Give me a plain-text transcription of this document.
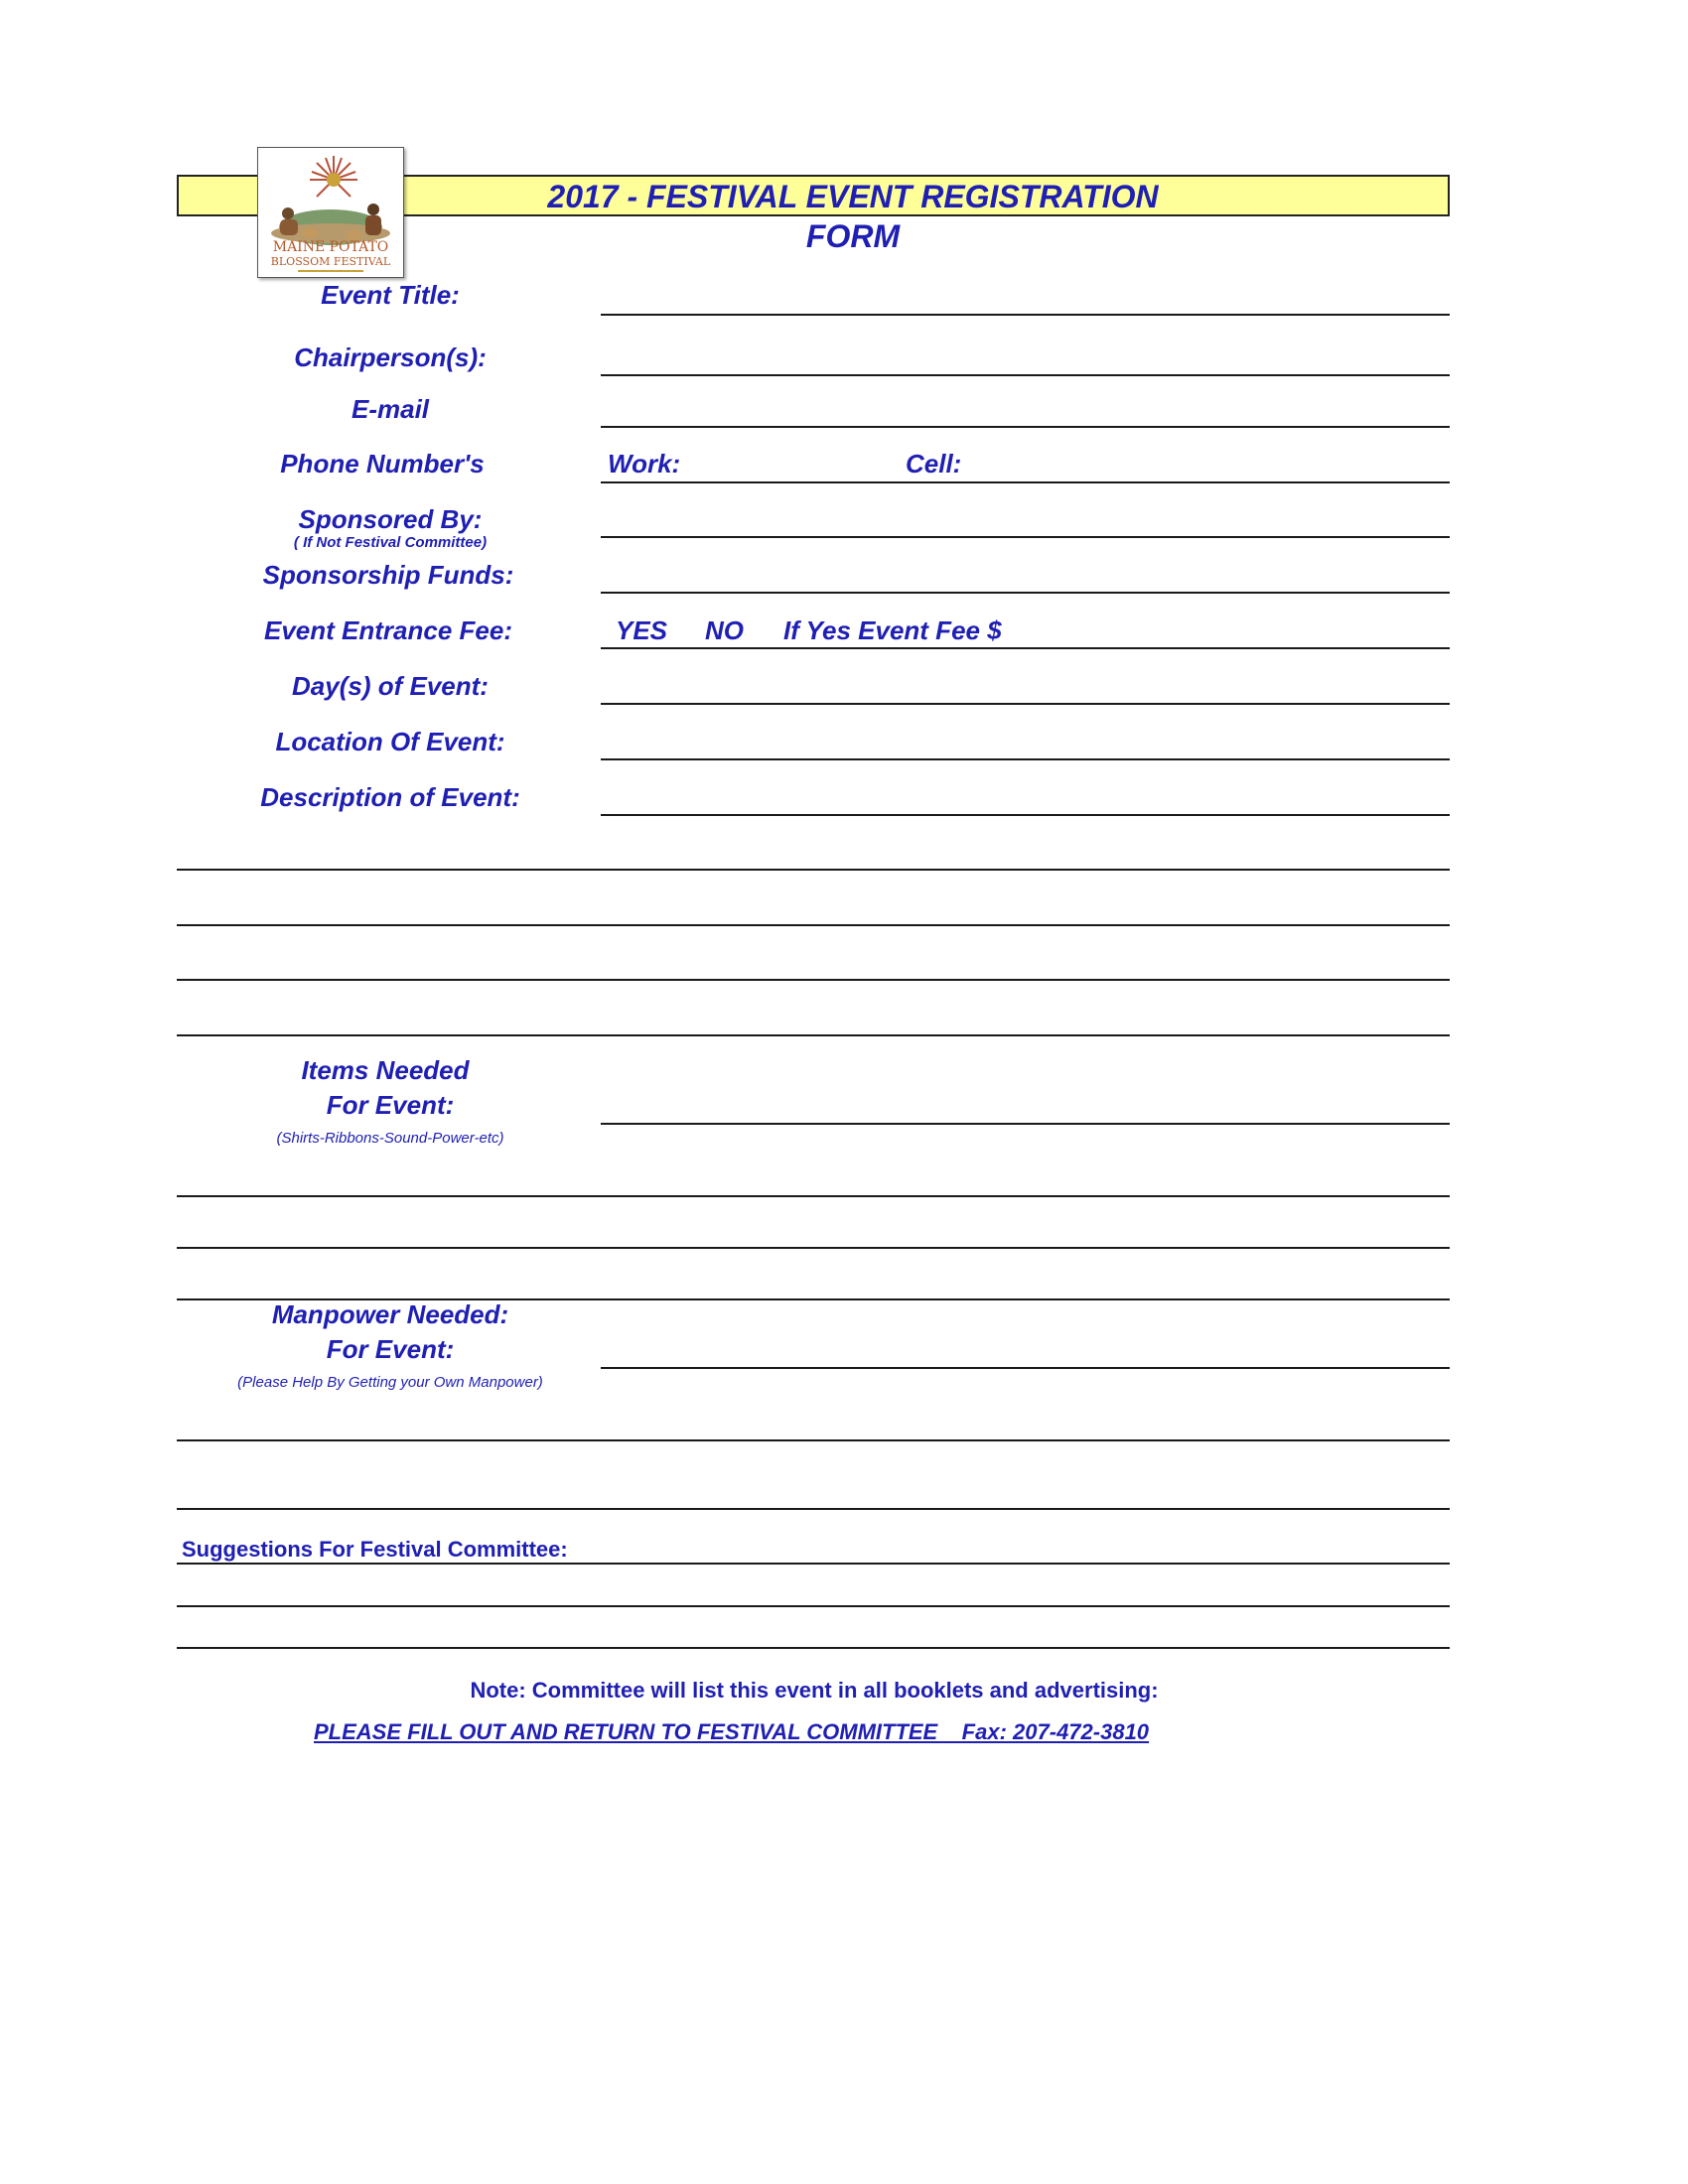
2017 - FESTIVAL EVENT REGISTRATION FORM
MAINE POTATO
BLOSSOM FESTIVAL
Event Title:
Chairperson(s):
E-mail
Phone Number's	Work:	Cell:
Sponsored By:
( If Not Festival Committee)
Sponsorship Funds:
Event Entrance Fee:	YES NO If Yes Event Fee $
Day(s) of Event:
Location Of Event:
Description of Event:
Items Needed
For Event:
(Shirts-Ribbons-Sound-Power-etc)
Manpower Needed:
For Event:
(Please Help By Getting your Own Manpower)
Suggestions For Festival Committee:
Note: Committee will list this event in all booklets and advertising:
PLEASE FILL OUT AND RETURN TO FESTIVAL COMMITTEE    Fax: 207-472-3810
